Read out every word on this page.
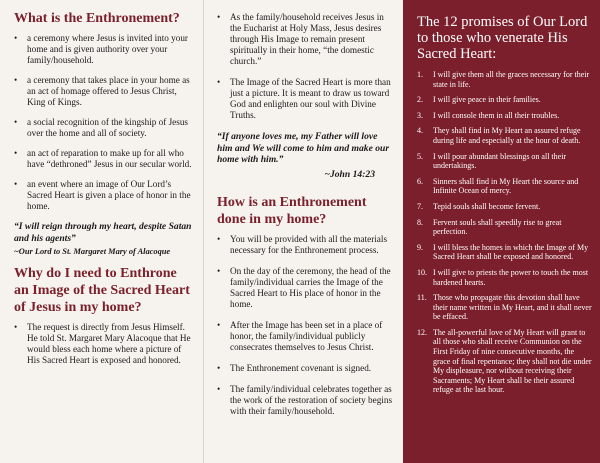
What is the Enthronement?
• a ceremony where Jesus is invited into your home and is given authority over your family/household.
• a ceremony that takes place in your home as an act of homage offered to Jesus Christ, King of Kings.
• a social recognition of the kingship of Jesus over the home and all of society.
• an act of reparation to make up for all who have “dethroned” Jesus in our secular world.
• an event where an image of Our Lord’s Sacred Heart is given a place of honor in the home.
“I will reign through my heart, despite Satan and his agents”
~Our Lord to St. Margaret Mary of Alacoque
Why do I need to Enthrone an Image of the Sacred Heart of Jesus in my home?
• The request is directly from Jesus Himself. He told St. Margaret Mary Alacoque that He would bless each home where a picture of His Sacred Heart is exposed and honored.
• As the family/household receives Jesus in the Eucharist at Holy Mass, Jesus desires through His Image to remain present spiritually in their home, “the domestic church.”
• The Image of the Sacred Heart is more than just a picture. It is meant to draw us toward God and enlighten our soul with Divine Truths.
“If anyone loves me, my Father will love him and We will come to him and make our home with him.”
~John 14:23
How is an Enthronement done in my home?
• You will be provided with all the materials necessary for the Enthronement process.
• On the day of the ceremony, the head of the family/individual carries the Image of the Sacred Heart to His place of honor in the home.
• After the Image has been set in a place of honor, the family/individual publicly consecrates themselves to Jesus Christ.
• The Enthronement covenant is signed.
• The family/individual celebrates together as the work of the restoration of society begins with their family/household.
The 12 promises of Our Lord to those who venerate His Sacred Heart:
1. I will give them all the graces necessary for their state in life.
2. I will give peace in their families.
3. I will console them in all their troubles.
4. They shall find in My Heart an assured refuge during life and especially at the hour of death.
5. I will pour abundant blessings on all their undertakings.
6. Sinners shall find in My Heart the source and Infinite Ocean of mercy.
7. Tepid souls shall become fervent.
8. Fervent souls shall speedily rise to great perfection.
9. I will bless the homes in which the Image of My Sacred Heart shall be exposed and honored.
10. I will give to priests the power to touch the most hardened hearts.
11. Those who propagate this devotion shall have their name written in My Heart, and it shall never be effaced.
12. The all-powerful love of My Heart will grant to all those who shall receive Communion on the First Friday of nine consecutive months, the grace of final repentance; they shall not die under My displeasure, nor without receiving their Sacraments; My Heart shall be their assured refuge at the last hour.
